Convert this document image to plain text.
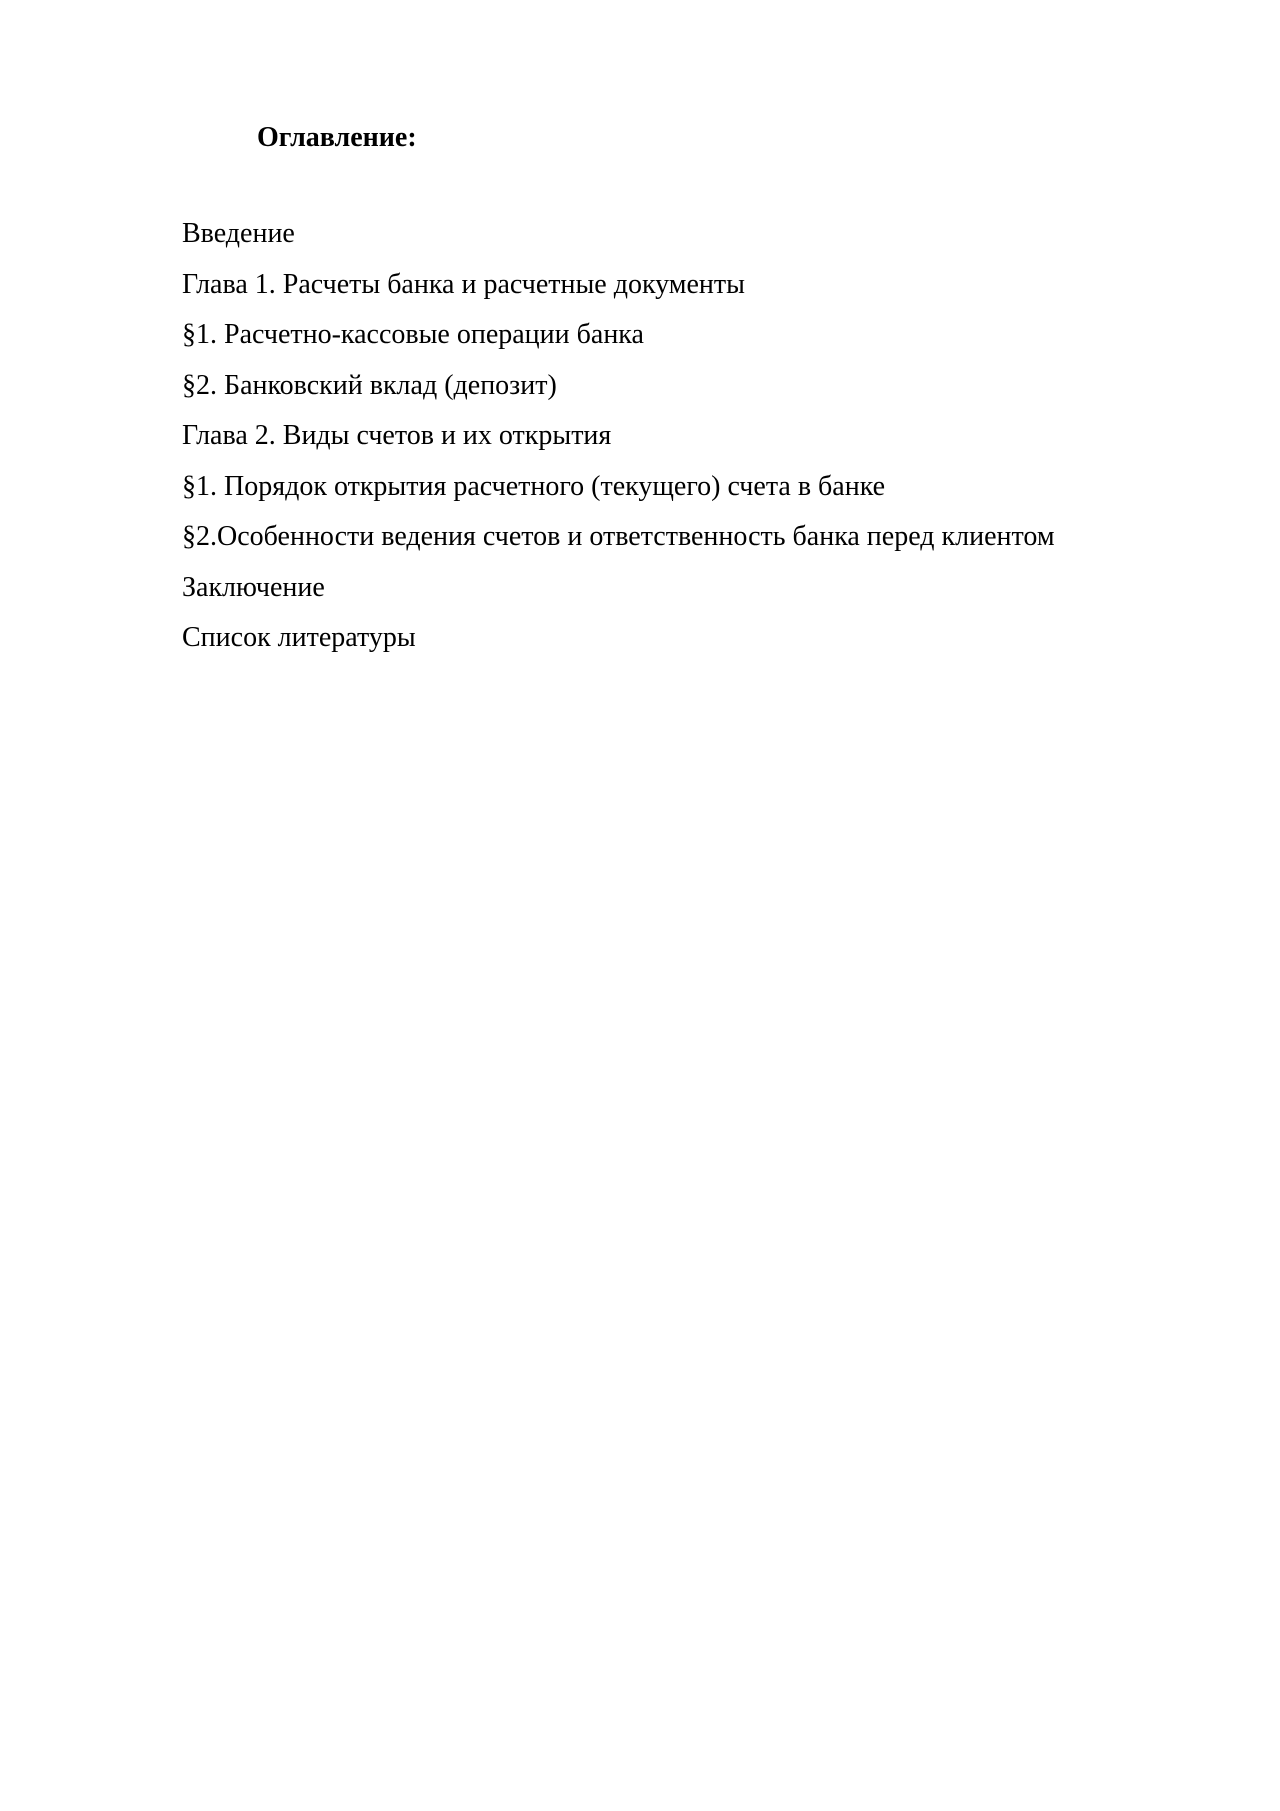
Оглавление:
Введение
Глава 1. Расчеты банка и расчетные документы
§1. Расчетно-кассовые операции банка
§2. Банковский вклад (депозит)
Глава 2. Виды счетов и их открытия
§1. Порядок открытия расчетного (текущего) счета в банке
§2.Особенности ведения счетов и ответственность банка перед клиентом
Заключение
Список литературы
